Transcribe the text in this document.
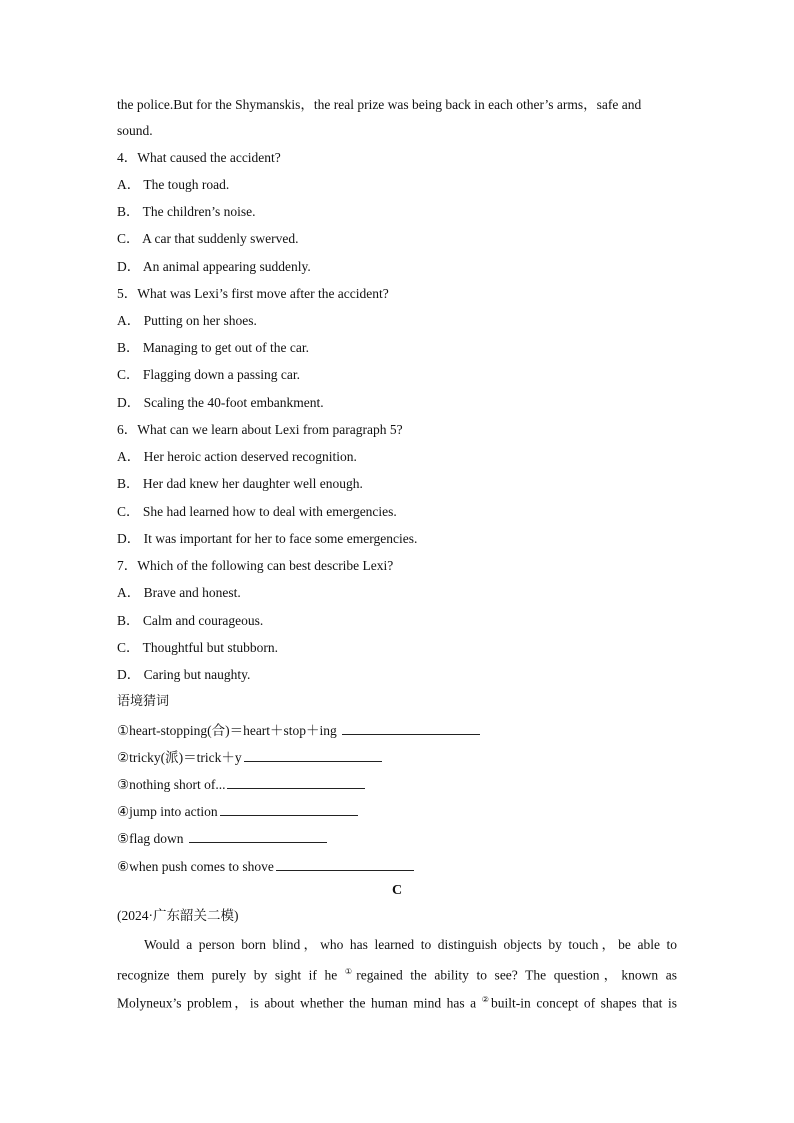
the police.But for the Shymanskis，the real prize was being back in each other’s arms，safe and
sound.
4．What caused the accident?
A． The tough road.
B． The children’s noise.
C． A car that suddenly swerved.
D． An animal appearing suddenly.
5．What was Lexi’s first move after the accident?
A． Putting on her shoes.
B． Managing to get out of the car.
C． Flagging down a passing car.
D． Scaling the 40-foot embankment.
6．What can we learn about Lexi from paragraph 5?
A． Her heroic action deserved recognition.
B． Her dad knew her daughter well enough.
C． She had learned how to deal with emergencies.
D． It was important for her to face some emergencies.
7．Which of the following can best describe Lexi?
A． Brave and honest.
B． Calm and courageous.
C． Thoughtful but stubborn.
D． Caring but naughty.
语境猜词
①heart-stopping(合)＝heart＋stop＋ing
②tricky(派)＝trick＋y
③nothing short of...
④jump into action
⑤flag down
⑥when push comes to shove
C
(2024·广东韶关二模)
Would a person born blind，who has learned to distinguish objects by touch，be able to
recognize them purely by sight if he ①regained the ability to see? The question，known as
Molyneux’s problem，is about whether the human mind has a ②built-in concept of shapes that is
